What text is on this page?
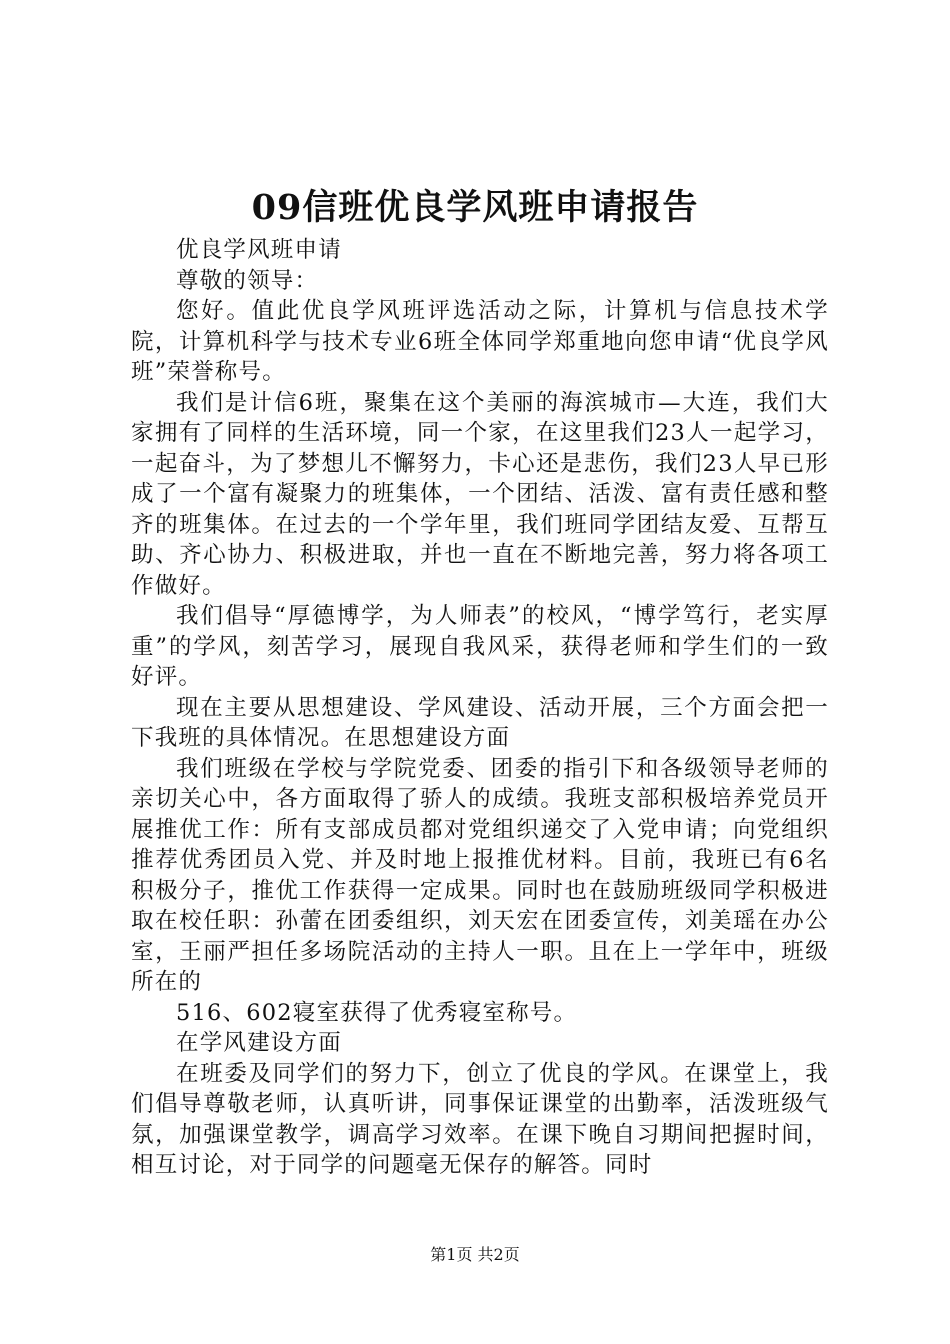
09信班优良学风班申请报告

优良学风班申请

尊敬的领导：

您好。值此优良学风班评选活动之际，计算机与信息技术学院，计算机科学与技术专业6班全体同学郑重地向您申请“优良学风班”荣誉称号。

我们是计信6班，聚集在这个美丽的海滨城市—大连，我们大家拥有了同样的生活环境，同一个家，在这里我们23人一起学习，一起奋斗，为了梦想儿不懈努力，卡心还是悲伤，我们23人早已形成了一个富有凝聚力的班集体，一个团结、活泼、富有责任感和整齐的班集体。在过去的一个学年里，我们班同学团结友爱、互帮互助、齐心协力、积极进取，并也一直在不断地完善，努力将各项工作做好。

我们倡导“厚德博学，为人师表”的校风，“博学笃行，老实厚重”的学风，刻苦学习，展现自我风采，获得老师和学生们的一致好评。

现在主要从思想建设、学风建设、活动开展，三个方面会把一下我班的具体情况。在思想建设方面

我们班级在学校与学院党委、团委的指引下和各级领导老师的亲切关心中，各方面取得了骄人的成绩。我班支部积极培养党员开展推优工作：所有支部成员都对党组织递交了入党申请；向党组织推荐优秀团员入党、并及时地上报推优材料。目前，我班已有6名积极分子，推优工作获得一定成果。同时也在鼓励班级同学积极进取在校任职：孙蕾在团委组织，刘天宏在团委宣传，刘美瑶在办公室，王丽严担任多场院活动的主持人一职。且在上一学年中，班级所在的

516、602寝室获得了优秀寝室称号。

在学风建设方面

在班委及同学们的努力下，创立了优良的学风。在课堂上，我们倡导尊敬老师，认真听讲，同事保证课堂的出勤率，活泼班级气氛，加强课堂教学，调高学习效率。在课下晚自习期间把握时间，相互讨论，对于同学的问题毫无保存的解答。同时

第1页 共2页
